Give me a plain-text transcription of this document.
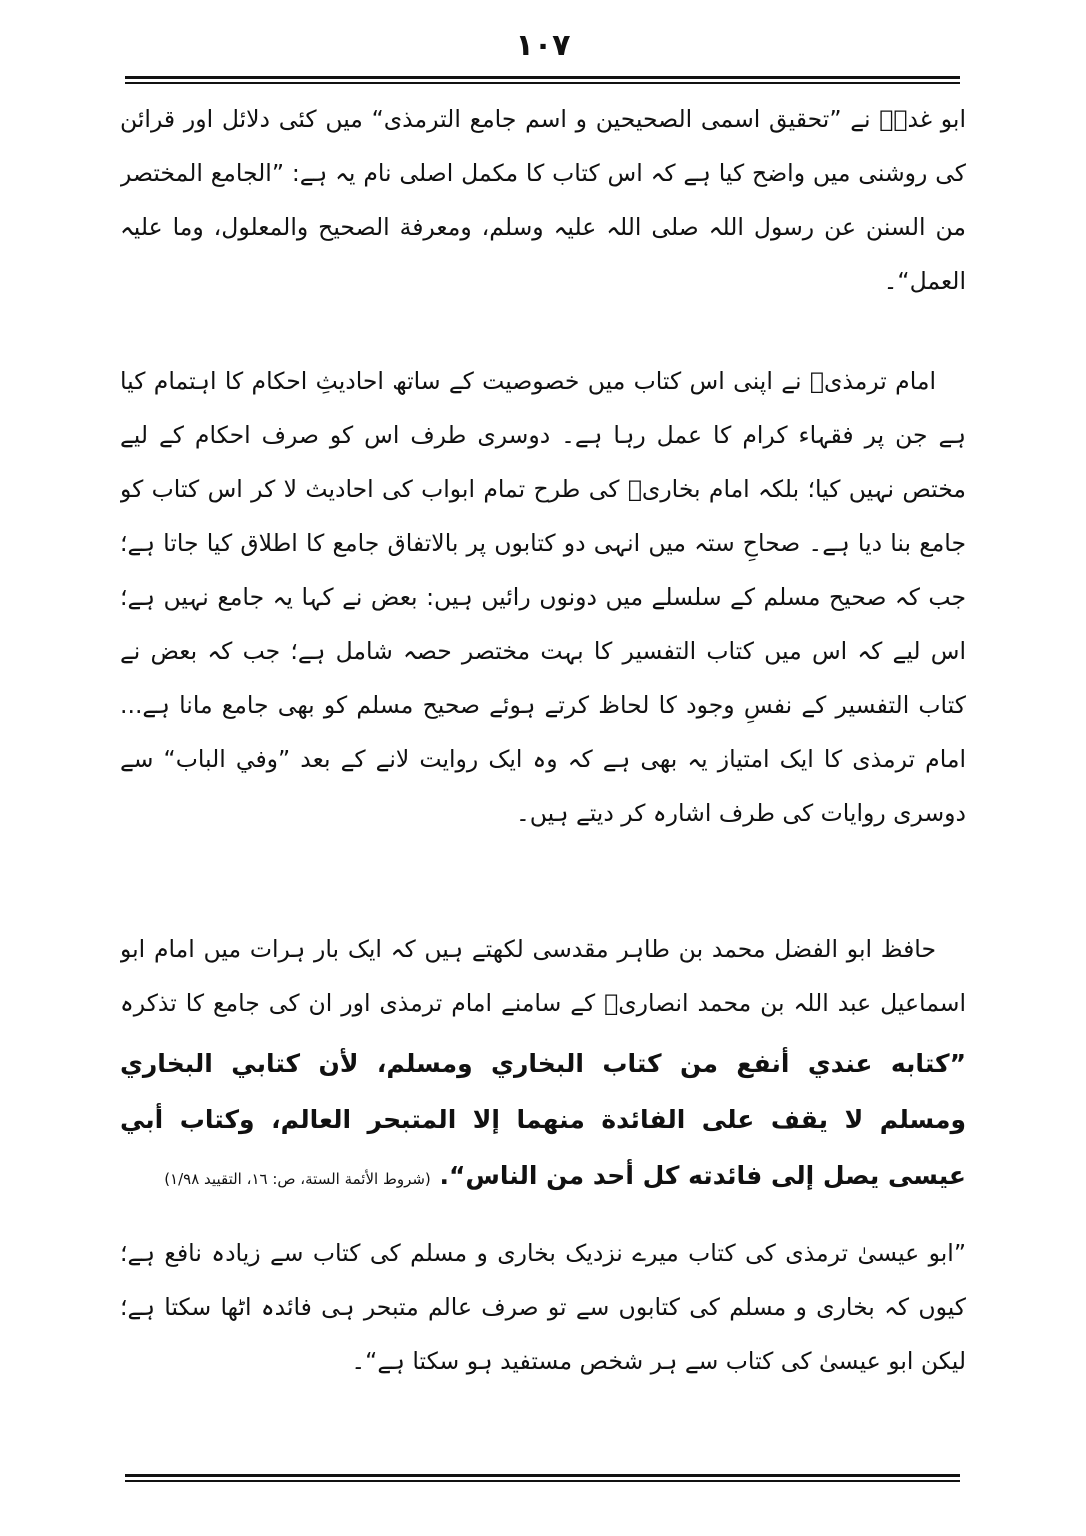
۱۰۷

ابو غدہؒ نے ”تحقیق اسمی الصحیحین و اسم جامع الترمذی“ میں کئی دلائل اور قرائن کی روشنی میں واضح کیا ہے کہ اس کتاب کا مکمل اصلی نام یہ ہے: ”الجامع المختصر من السنن عن رسول اللہ صلی اللہ علیہ وسلم، ومعرفة الصحیح والمعلول، وما علیہ العمل“۔

امام ترمذیؒ نے اپنی اس کتاب میں خصوصیت کے ساتھ احادیثِ احکام کا اہتمام کیا ہے جن پر فقہاء کرام کا عمل رہا ہے۔ دوسری طرف اس کو صرف احکام کے لیے مختص نہیں کیا؛ بلکہ امام بخاریؒ کی طرح تمام ابواب کی احادیث لا کر اس کتاب کو جامع بنا دیا ہے۔ صحاحِ ستہ میں انہی دو کتابوں پر بالاتفاق جامع کا اطلاق کیا جاتا ہے؛ جب کہ صحیح مسلم کے سلسلے میں دونوں رائیں ہیں: بعض نے کہا یہ جامع نہیں ہے؛ اس لیے کہ اس میں کتاب التفسیر کا بہت مختصر حصہ شامل ہے؛ جب کہ بعض نے کتاب التفسیر کے نفسِ وجود کا لحاظ کرتے ہوئے صحیح مسلم کو بھی جامع مانا ہے... امام ترمذی کا ایک امتیاز یہ بھی ہے کہ وہ ایک روایت لانے کے بعد ”وفي الباب“ سے دوسری روایات کی طرف اشارہ کر دیتے ہیں۔

حافظ ابو الفضل محمد بن طاہر مقدسی لکھتے ہیں کہ ایک بار ہرات میں امام ابو اسماعیل عبد اللہ بن محمد انصاریؒ کے سامنے امام ترمذی اور ان کی جامع کا تذکرہ

”كتابه عندي أنفع من كتاب البخاري ومسلم، لأن كتابي البخاري ومسلم لا يقف على الفائدة منهما إلا المتبحر العالم، وكتاب أبي عيسى يصل إلى فائدته كل أحد من الناس“. (شروط الأئمة الستة، ص: ١٦، التقييد ١/٩٨)

”ابو عیسیٰ ترمذی کی کتاب میرے نزدیک بخاری و مسلم کی کتاب سے زیادہ نافع ہے؛ کیوں کہ بخاری و مسلم کی کتابوں سے تو صرف عالم متبحر ہی فائدہ اٹھا سکتا ہے؛ لیکن ابو عیسیٰ کی کتاب سے ہر شخص مستفید ہو سکتا ہے“۔
